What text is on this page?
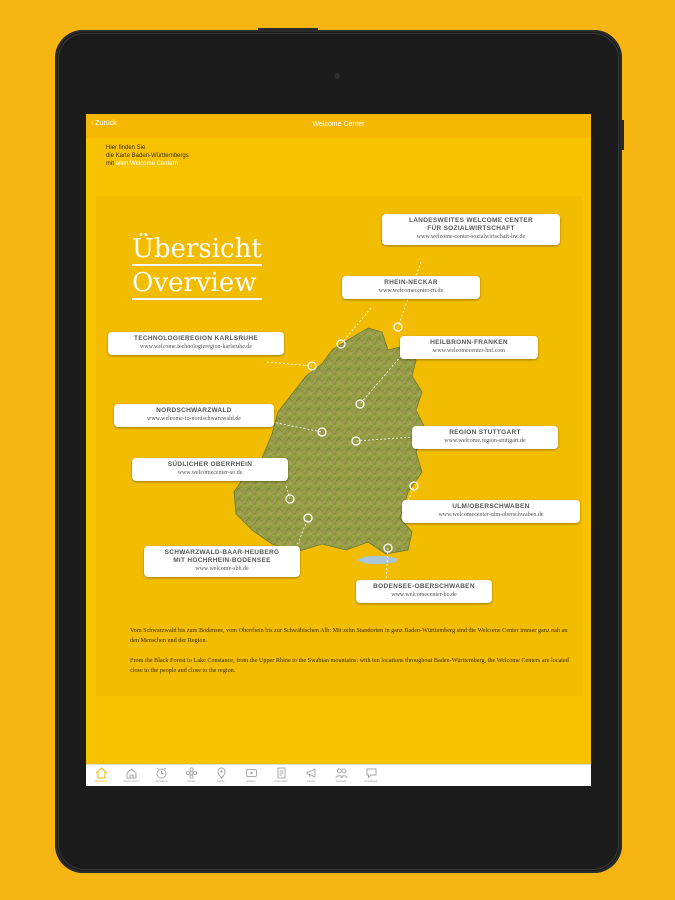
‹ Zurück	Welcome Center
Hier finden Sie
die Karte Baden-Württembergs
mit allen Welcome Centern
Übersicht
Overview
LANDESWEITES WELCOME CENTER
FÜR SOZIALWIRTSCHAFT
www.welcome-center-sozialwirtschaft-bw.de
RHEIN-NECKAR
www.welcomecenter-rn.de
TECHNOLOGIEREGION KARLSRUHE
www.welcome.technologieregion-karlsruhe.de
HEILBRONN-FRANKEN
www.welcomecenter-hnf.com
NORDSCHWARZWALD
www.welcome-to-nordschwarzwald.de
REGION STUTTGART
www.welcome.region-stuttgart.de
SÜDLICHER OBERRHEIN
www.welcomecenter-so.de
ULM/OBERSCHWABEN
www.welcomecenter-ulm-oberschwaben.de
SCHWARZWALD-BAAR-HEUBERG
MIT HOCHRHEIN-BODENSEE
www.welcome-sbh.de
BODENSEE-OBERSCHWABEN
www.welcomecenter-bo.de
Vom Schwarzwald bis zum Bodensee, vom Oberrhein bis zur Schwäbischen Alb: Mit zehn Standorten in ganz Baden-Württemberg sind die Welcome Center immer ganz nah an den Menschen und der Region.
From the Black Forest to Lake Constance, from the Upper Rhine to the Swabian mountains: with ten locations throughout Baden-Württemberg, the Welcome Centers are located close to the people and close to the region.
Welcome	Ankommen	Arbeiten	Leben	Karte	Videos	Formulare	News	Kontakt	Feedback
